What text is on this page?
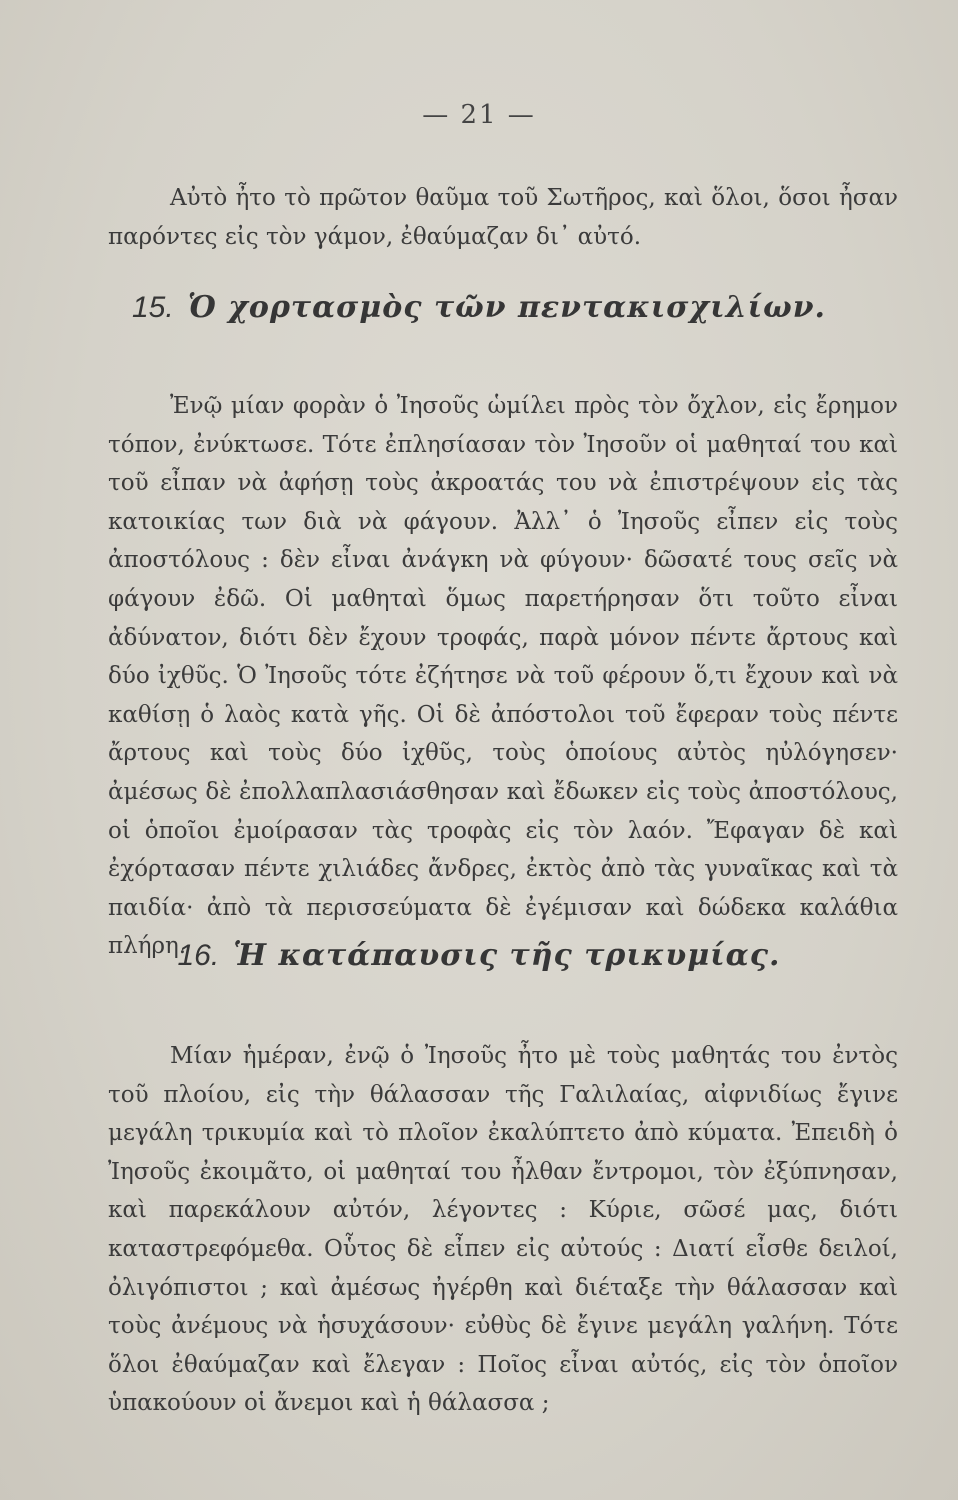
— 21 —

Αὐτὸ ἦτο τὸ πρῶτον θαῦμα τοῦ Σωτῆρος, καὶ ὅλοι, ὅσοι ἦσαν παρόντες εἰς τὸν γάμον, ἐθαύμαζαν δι᾽ αὐτό.

15. Ὁ χορτασμὸς τῶν πεντακισχιλίων.

Ἐνῷ μίαν φορὰν ὁ Ἰησοῦς ὡμίλει πρὸς τὸν ὄχλον, εἰς ἔρημον τόπον, ἐνύκτωσε. Τότε ἐπλησίασαν τὸν Ἰησοῦν οἱ μαθηταί του καὶ τοῦ εἶπαν νὰ ἀφήσῃ τοὺς ἀκροατάς του νὰ ἐπιστρέψουν εἰς τὰς κατοικίας των διὰ νὰ φάγουν. Ἀλλ᾽ ὁ Ἰησοῦς εἶπεν εἰς τοὺς ἀποστόλους : δὲν εἶναι ἀνάγκη νὰ φύγουν· δῶσατέ τους σεῖς νὰ φάγουν ἐδῶ. Οἱ μαθηταὶ ὅμως παρετήρησαν ὅτι τοῦτο εἶναι ἀδύνατον, διότι δὲν ἔχουν τροφάς, παρὰ μόνον πέντε ἄρτους καὶ δύο ἰχθῦς. Ὁ Ἰησοῦς τότε ἐζήτησε νὰ τοῦ φέρουν ὅ,τι ἔχουν καὶ νὰ καθίσῃ ὁ λαὸς κατὰ γῆς. Οἱ δὲ ἀπόστολοι τοῦ ἔφεραν τοὺς πέντε ἄρτους καὶ τοὺς δύο ἰχθῦς, τοὺς ὁποίους αὐτὸς ηὐλόγησεν· ἀμέσως δὲ ἐπολλαπλασιάσθησαν καὶ ἔδωκεν εἰς τοὺς ἀποστόλους, οἱ ὁποῖοι ἐμοίρασαν τὰς τροφὰς εἰς τὸν λαόν. Ἔφαγαν δὲ καὶ ἐχόρτασαν πέντε χιλιάδες ἄνδρες, ἐκτὸς ἀπὸ τὰς γυναῖκας καὶ τὰ παιδία· ἀπὸ τὰ περισσεύματα δὲ ἐγέμισαν καὶ δώδεκα καλάθια πλήρη.

16. Ἡ κατάπαυσις τῆς τρικυμίας.

Μίαν ἡμέραν, ἐνῷ ὁ Ἰησοῦς ἦτο μὲ τοὺς μαθητάς του ἐντὸς τοῦ πλοίου, εἰς τὴν θάλασσαν τῆς Γαλιλαίας, αἰφνιδίως ἔγινε μεγάλη τρικυμία καὶ τὸ πλοῖον ἐκαλύπτετο ἀπὸ κύματα. Ἐπειδὴ ὁ Ἰησοῦς ἐκοιμᾶτο, οἱ μαθηταί του ἦλθαν ἔντρομοι, τὸν ἐξύπνησαν, καὶ παρεκάλουν αὐτόν, λέγοντες : Κύριε, σῶσέ μας, διότι καταστρεφόμεθα. Οὗτος δὲ εἶπεν εἰς αὐτούς : Διατί εἶσθε δειλοί, ὀλιγόπιστοι ; καὶ ἀμέσως ἠγέρθη καὶ διέταξε τὴν θάλασσαν καὶ τοὺς ἀνέμους νὰ ἡσυχάσουν· εὐθὺς δὲ ἔγινε μεγάλη γαλήνη. Τότε ὅλοι ἐθαύμαζαν καὶ ἔλεγαν : Ποῖος εἶναι αὐτός, εἰς τὸν ὁποῖον ὑπακούουν οἱ ἄνεμοι καὶ ἡ θάλασσα ;
